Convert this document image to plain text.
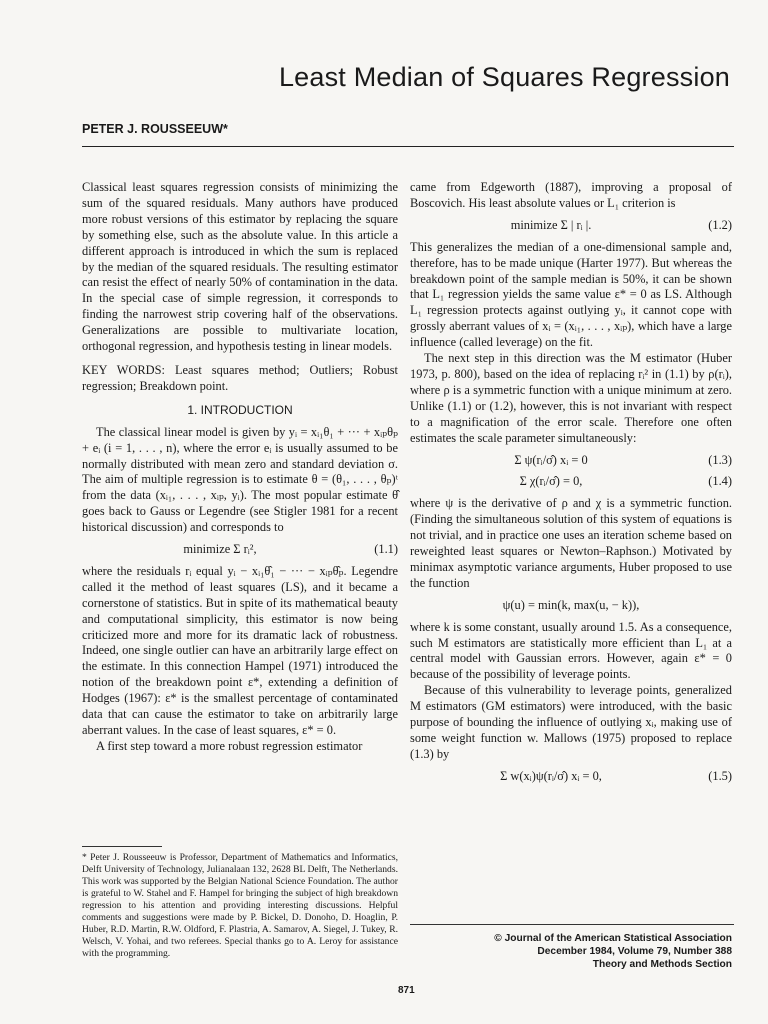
Least Median of Squares Regression
PETER J. ROUSSEEUW*

Classical least squares regression consists of minimizing the sum of the squared residuals. Many authors have produced more robust versions of this estimator by replacing the square by something else, such as the absolute value. In this article a different approach is introduced in which the sum is replaced by the median of the squared residuals. The resulting estimator can resist the effect of nearly 50% of contamination in the data. In the special case of simple regression, it corresponds to finding the narrowest strip covering half of the observations. Generalizations are possible to multivariate location, orthogonal regression, and hypothesis testing in linear models.

KEY WORDS: Least squares method; Outliers; Robust regression; Breakdown point.

1. INTRODUCTION

The classical linear model is given by yᵢ = xᵢ₁θ₁ + ··· + xᵢₚθₚ + eᵢ (i = 1, . . . , n), where the error eᵢ is usually assumed to be normally distributed with mean zero and standard deviation σ. The aim of multiple regression is to estimate θ = (θ₁, . . . , θₚ)ᵗ from the data (xᵢ₁, . . . , xᵢₚ, yᵢ). The most popular estimate θ̂ goes back to Gauss or Legendre (see Stigler 1981 for a recent historical discussion) and corresponds to

minimize Σ rᵢ²,	(1.1)

where the residuals rᵢ equal yᵢ − xᵢ₁θ̂₁ − ··· − xᵢₚθ̂ₚ. Legendre called it the method of least squares (LS), and it became a cornerstone of statistics. But in spite of its mathematical beauty and computational simplicity, this estimator is now being criticized more and more for its dramatic lack of robustness. Indeed, one single outlier can have an arbitrarily large effect on the estimate. In this connection Hampel (1971) introduced the notion of the breakdown point ε*, extending a definition of Hodges (1967): ε* is the smallest percentage of contaminated data that can cause the estimator to take on arbitrarily large aberrant values. In the case of least squares, ε* = 0.

A first step toward a more robust regression estimator

* Peter J. Rousseeuw is Professor, Department of Mathematics and Informatics, Delft University of Technology, Julianalaan 132, 2628 BL Delft, The Netherlands. This work was supported by the Belgian National Science Foundation. The author is grateful to W. Stahel and F. Hampel for bringing the subject of high breakdown regression to his attention and providing interesting discussions. Helpful comments and suggestions were made by P. Bickel, D. Donoho, D. Hoaglin, P. Huber, R.D. Martin, R.W. Oldford, F. Plastria, A. Samarov, A. Siegel, J. Tukey, R. Welsch, V. Yohai, and two referees. Special thanks go to A. Leroy for assistance with the programming.

came from Edgeworth (1887), improving a proposal of Boscovich. His least absolute values or L₁ criterion is

minimize Σ | rᵢ |.	(1.2)

This generalizes the median of a one-dimensional sample and, therefore, has to be made unique (Harter 1977). But whereas the breakdown point of the sample median is 50%, it can be shown that L₁ regression yields the same value ε* = 0 as LS. Although L₁ regression protects against outlying yᵢ, it cannot cope with grossly aberrant values of xᵢ = (xᵢ₁, . . . , xᵢₚ), which have a large influence (called leverage) on the fit.

The next step in this direction was the M estimator (Huber 1973, p. 800), based on the idea of replacing rᵢ² in (1.1) by ρ(rᵢ), where ρ is a symmetric function with a unique minimum at zero. Unlike (1.1) or (1.2), however, this is not invariant with respect to a magnification of the error scale. Therefore one often estimates the scale parameter simultaneously:

Σ ψ(rᵢ/σ̂) xᵢ = 0	(1.3)
Σ χ(rᵢ/σ̂) = 0,	(1.4)

where ψ is the derivative of ρ and χ is a symmetric function. (Finding the simultaneous solution of this system of equations is not trivial, and in practice one uses an iteration scheme based on reweighted least squares or Newton–Raphson.) Motivated by minimax asymptotic variance arguments, Huber proposed to use the function

ψ(u) = min(k, max(u, − k)),

where k is some constant, usually around 1.5. As a consequence, such M estimators are statistically more efficient than L₁ at a central model with Gaussian errors. However, again ε* = 0 because of the possibility of leverage points.

Because of this vulnerability to leverage points, generalized M estimators (GM estimators) were introduced, with the basic purpose of bounding the influence of outlying xᵢ, making use of some weight function w. Mallows (1975) proposed to replace (1.3) by

Σ w(xᵢ)ψ(rᵢ/σ̂) xᵢ = 0,	(1.5)
© Journal of the American Statistical Association
December 1984, Volume 79, Number 388
Theory and Methods Section
871
